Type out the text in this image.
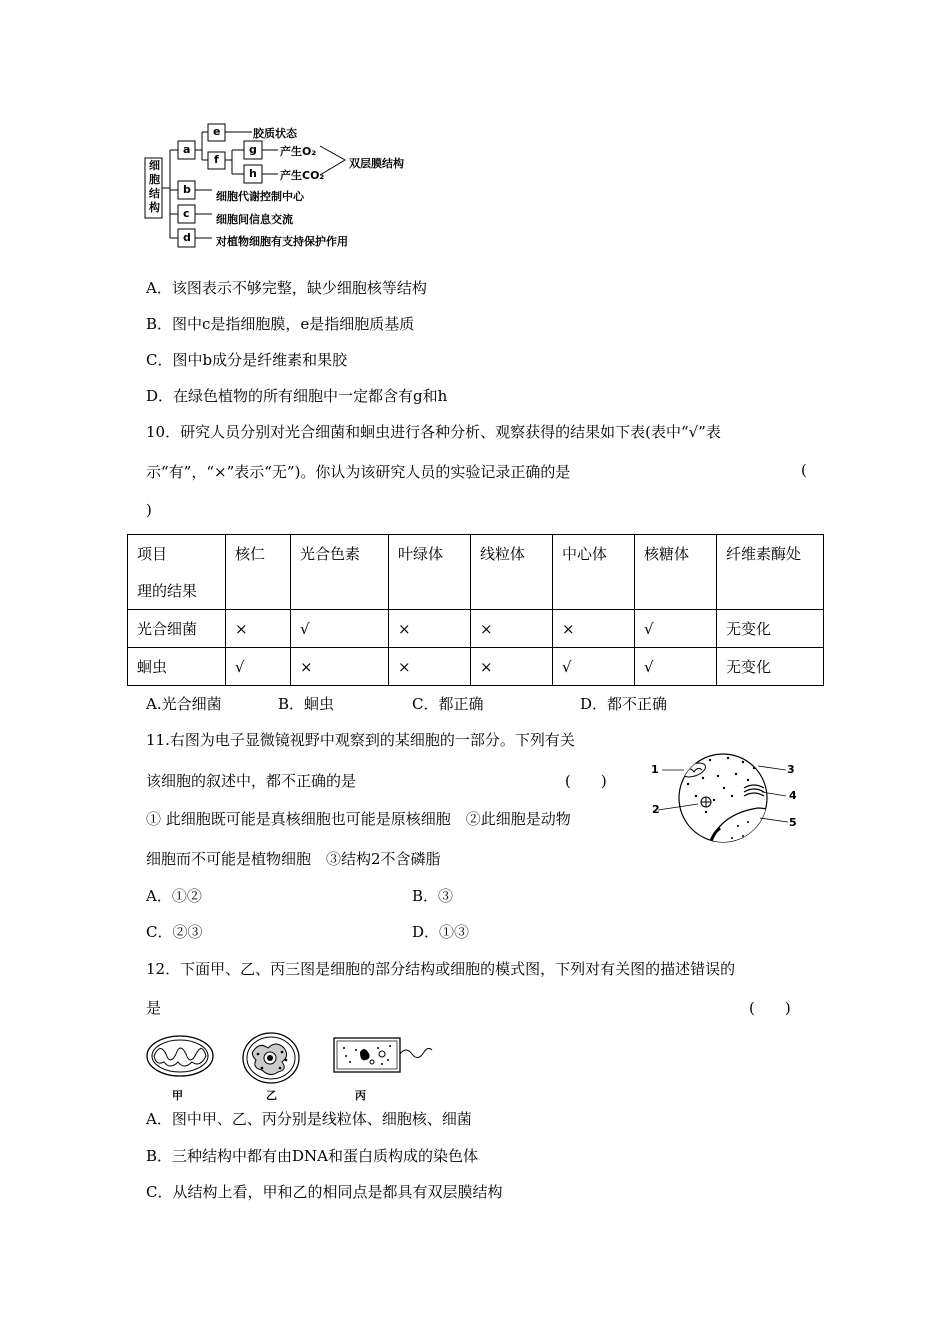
细
胞
结
构
a
b
c
d
e
f
g
h
胶质状态
产生O₂
产生CO₂
双层膜结构
细胞代谢控制中心
细胞间信息交流
对植物细胞有支持保护作用
A．该图表示不够完整，缺少细胞核等结构
B．图中c是指细胞膜，e是指细胞质基质
C．图中b成分是纤维素和果胶
D．在绿色植物的所有细胞中一定都含有g和h
10．研究人员分别对光合细菌和蛔虫进行各种分析、观察获得的结果如下表(表中“√”表
示“有”，“×”表示“无”)。你认为该研究人员的实验记录正确的是	(
)
项目	核仁	光合色素	叶绿体	线粒体	中心体	核糖体	纤维素酶处
理的结果							
光合细菌	×	√	×	×	×	√	无变化
蛔虫	√	×	×	×	√	√	无变化
A.光合细菌	B．蛔虫	C．都正确	D．都不正确
11.右图为电子显微镜视野中观察到的某细胞的一部分。下列有关
该细胞的叙述中，都不正确的是	(　　)
① 此细胞既可能是真核细胞也可能是原核细胞　②此细胞是动物
细胞而不可能是植物细胞　③结构2不含磷脂
A．①②	B．③
C．②③	D．①③
1
2
3
4
5
12．下面甲、乙、丙三图是细胞的部分结构或细胞的模式图，下列对有关图的描述错误的
是	(　　)
甲	乙	丙
A．图中甲、乙、丙分别是线粒体、细胞核、细菌
B．三种结构中都有由DNA和蛋白质构成的染色体
C．从结构上看，甲和乙的相同点是都具有双层膜结构
